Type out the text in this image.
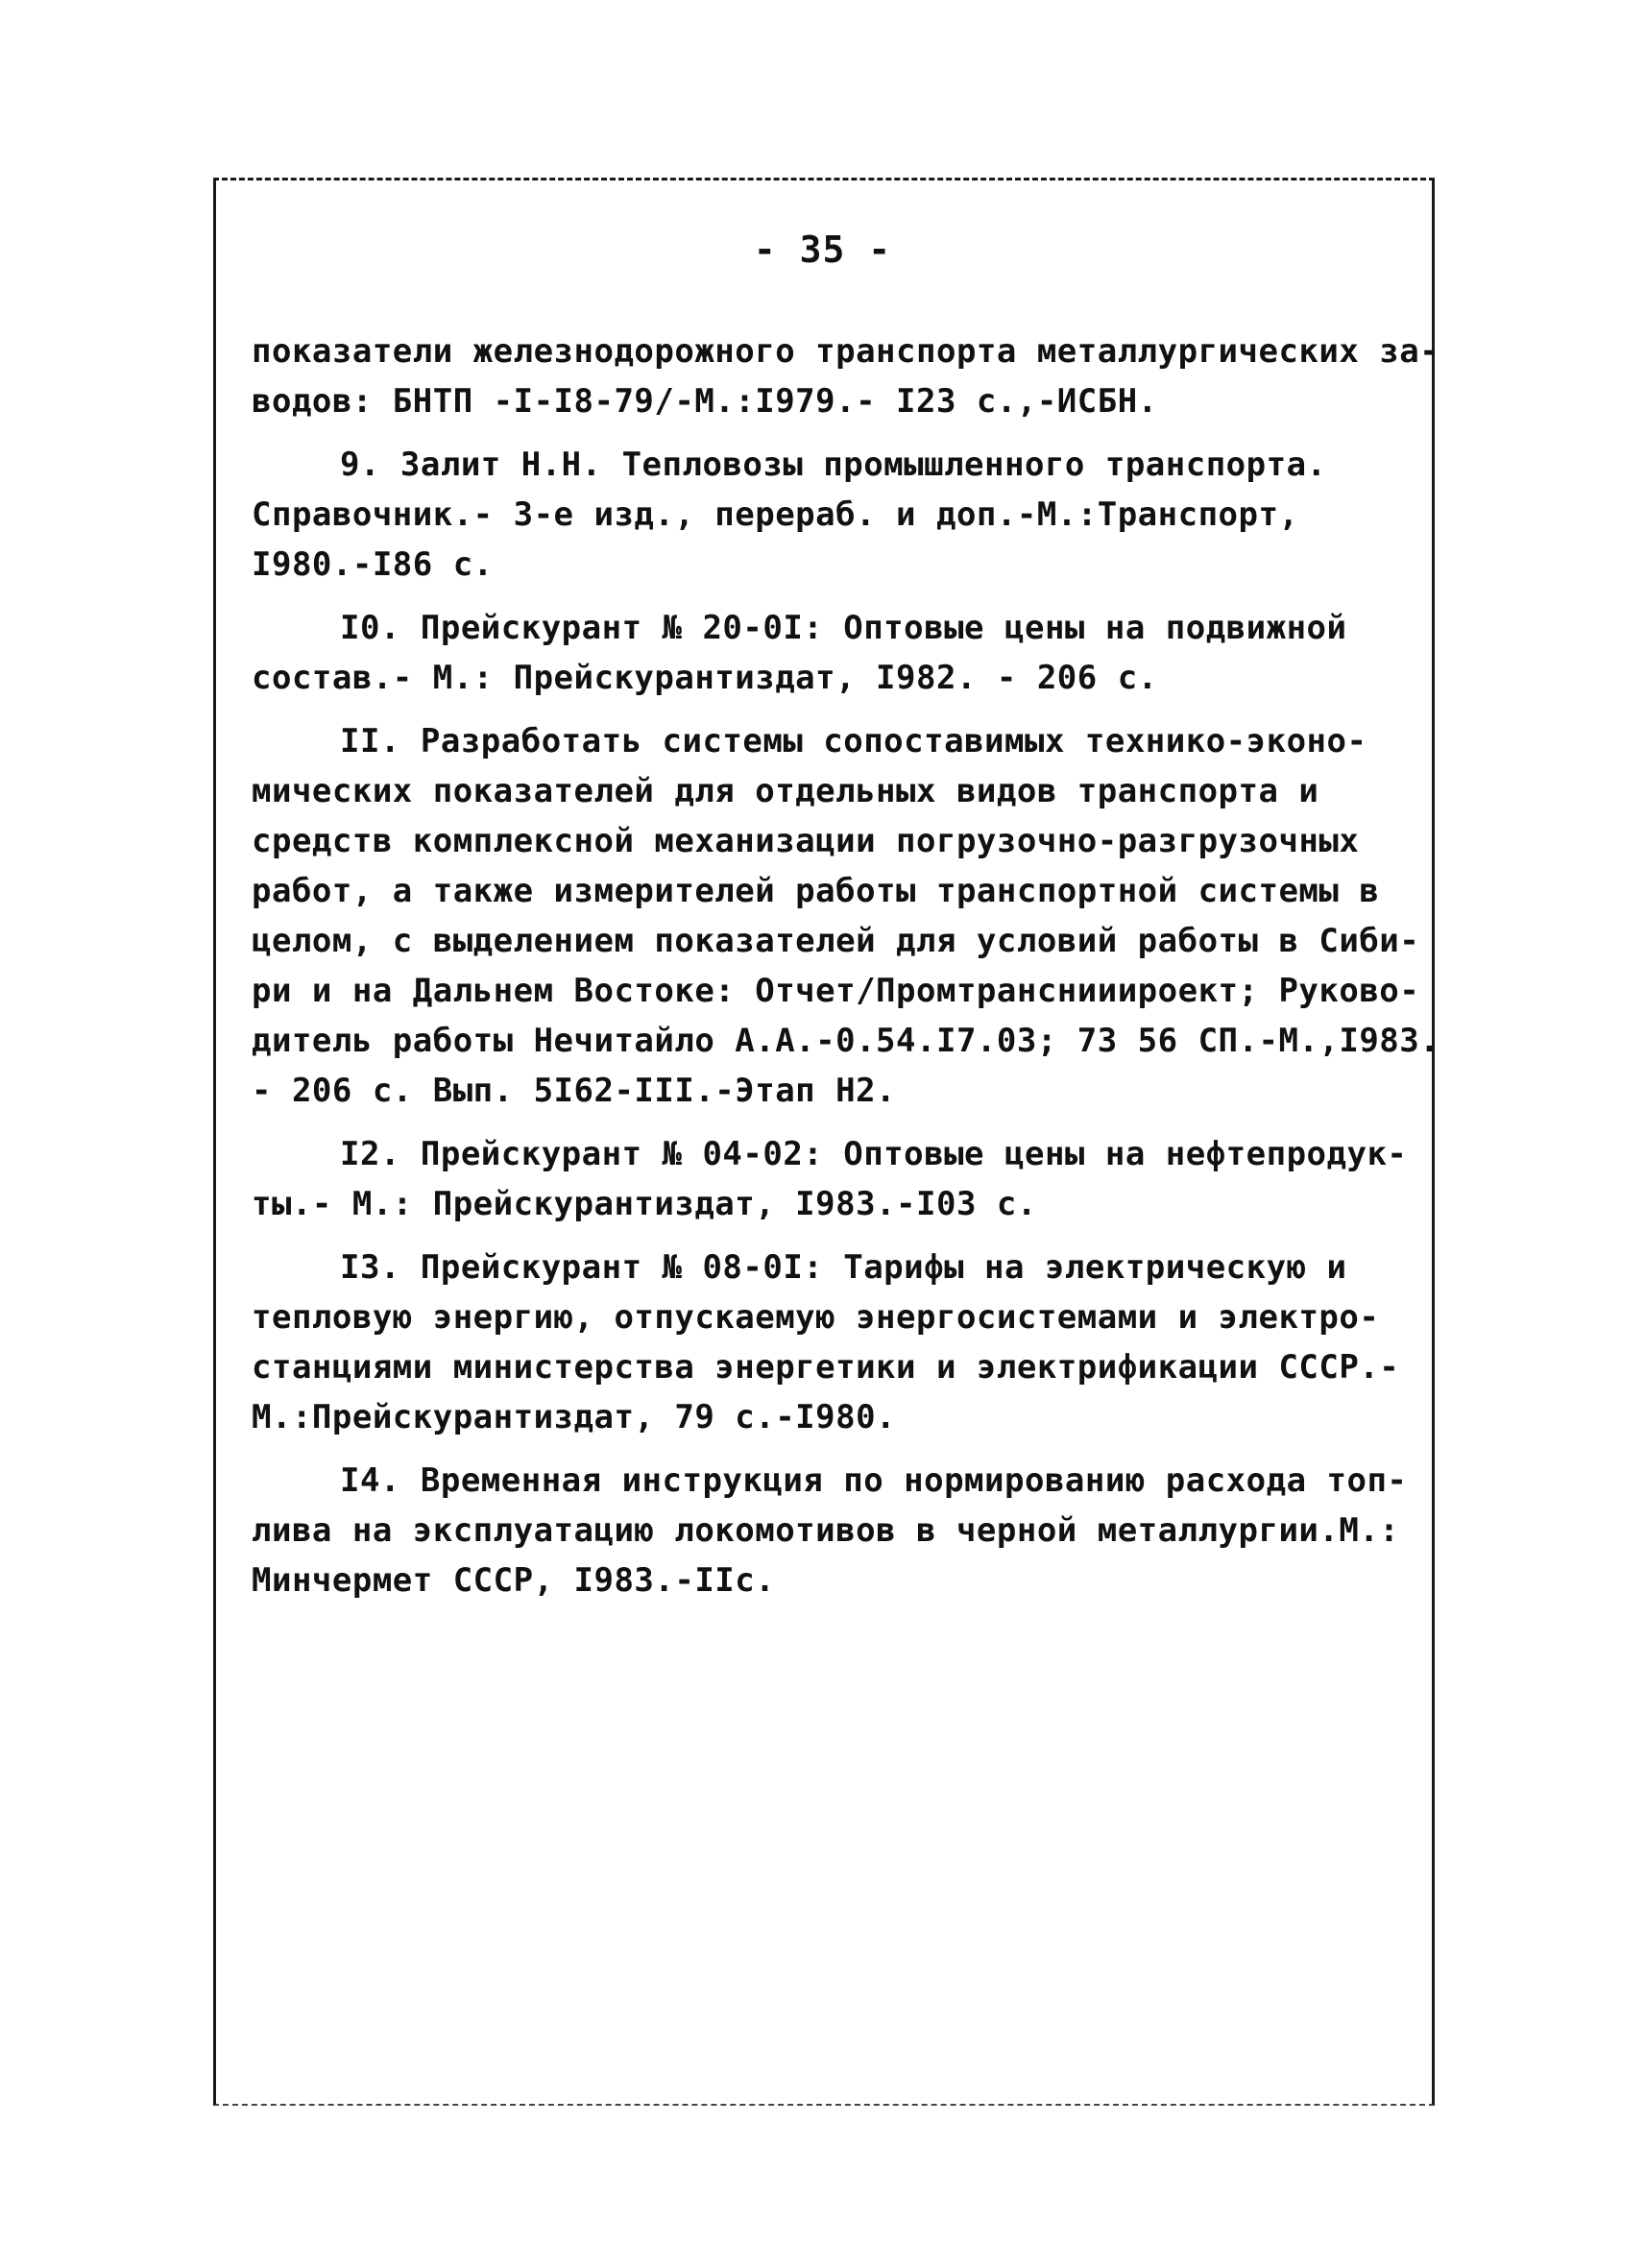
- 35 -
показатели железнодорожного транспорта металлургических за-
водов: БНТП -I-I8-79/-М.:I979.- I23 с.,-ИСБН.
9. Залит Н.Н. Тепловозы промышленного транспорта.
Справочник.- 3-е изд., перераб. и доп.-М.:Транспорт,
I980.-I86 с.
I0. Прейскурант № 20-0I: Оптовые цены на подвижной
состав.- М.: Прейскурантиздат, I982. - 206 с.
II. Разработать системы сопоставимых технико-эконо-
мических показателей для отдельных видов транспорта и
средств комплексной механизации погрузочно-разгрузочных
работ, а также измерителей работы транспортной системы в
целом, с выделением показателей для условий работы в Сиби-
ри и на Дальнем Востоке: Отчет/Промтранснииироект; Руково-
дитель работы Нечитайло А.А.-0.54.I7.03; 73 56 СП.-М.,I983.
- 206 с. Вып. 5I62-III.-Этап Н2.
I2. Прейскурант № 04-02: Оптовые цены на нефтепродук-
ты.- М.: Прейскурантиздат, I983.-I03 с.
I3. Прейскурант № 08-0I: Тарифы на электрическую и
тепловую энергию, отпускаемую энергосистемами и электро-
станциями министерства энергетики и электрификации СССР.-
М.:Прейскурантиздат, 79 с.-I980.
I4. Временная инструкция по нормированию расхода топ-
лива на эксплуатацию локомотивов в черной металлургии.М.:
Минчермет СССР, I983.-IIс.
